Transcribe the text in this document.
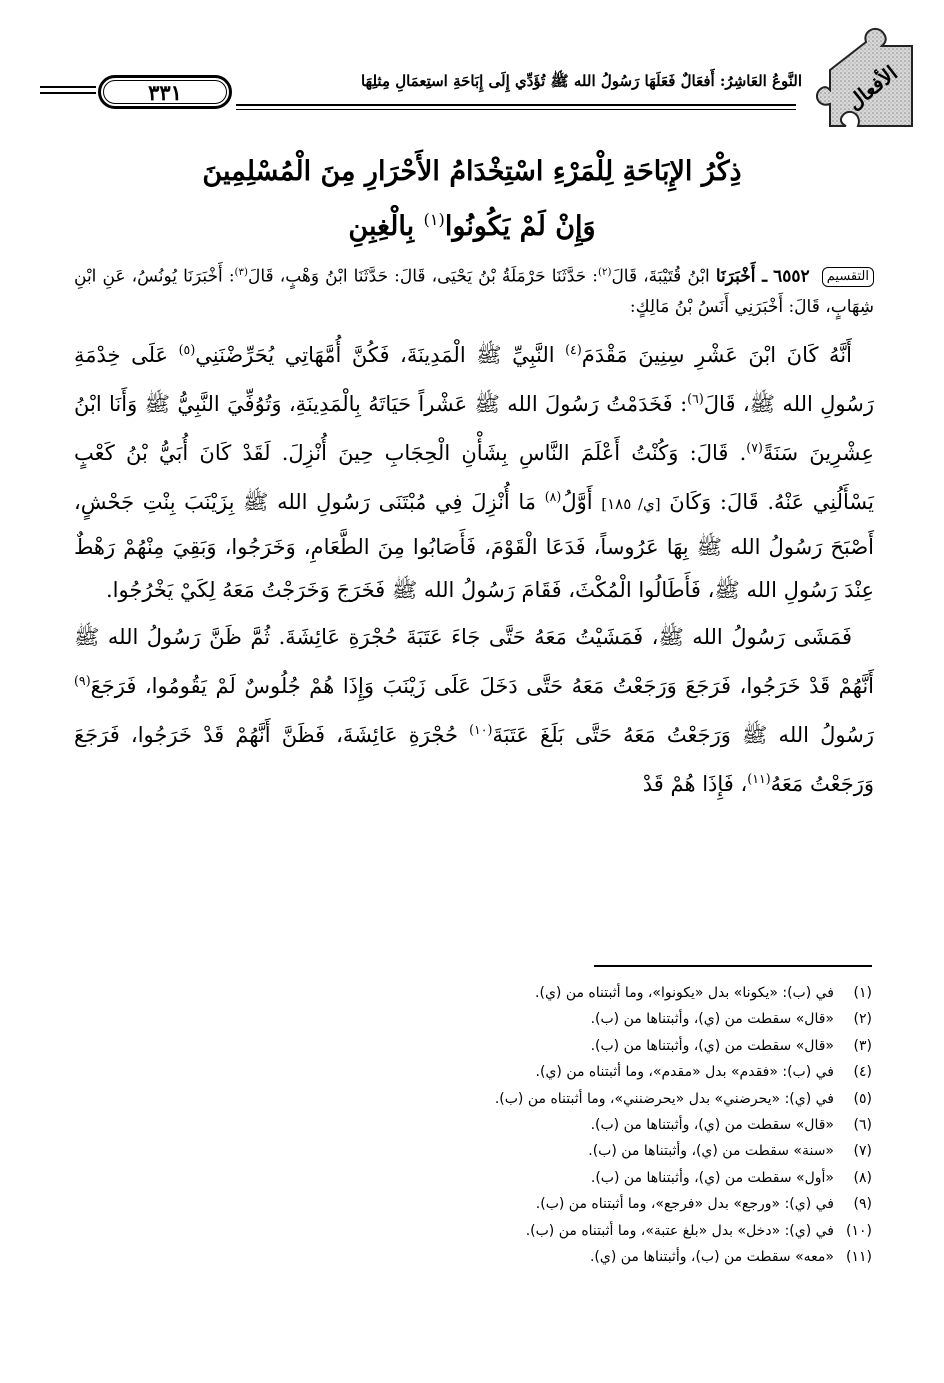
الأفعال
النَّوعُ العَاشِرُ: أَفعَالٌ فَعَلَهَا رَسُولُ الله ﷺ تُؤَدِّي إِلَى إِبَاحَةِ استِعمَالِ مِثلِهَا
٣٣١
ذِكْرُ الإِبَاحَةِ لِلْمَرْءِ اسْتِخْدَامُ الأَحْرَارِ مِنَ الْمُسْلِمِينَ
وَإِنْ لَمْ يَكُونُوا$^{(١)}$ بِالْغِبِنِ

التقسيم ٦٥٥٢ ـ أَخْبَرَنَا ابْنُ قُتَيْبَةَ، قَالَ$^{(٢)}$: حَدَّثَنَا حَرْمَلَةُ بْنُ يَحْيَى، قَالَ: حَدَّثَنَا ابْنُ وَهْبٍ، قَالَ$^{(٣)}$: أَخْبَرَنَا يُونُسُ، عَنِ ابْنِ شِهَابٍ، قَالَ: أَخْبَرَنِي أَنَسُ بْنُ مَالِكٍ:

أَنَّهُ كَانَ ابْنَ عَشْرِ سِنِينَ مَقْدَمَ$^{(٤)}$ النَّبِيِّ ﷺ الْمَدِينَةَ، فَكُنَّ أُمَّهَاتِي يُحَرِّضْنَنِي$^{(٥)}$ عَلَى خِدْمَةِ رَسُولِ الله ﷺ، قَالَ$^{(٦)}$: فَخَدَمْتُ رَسُولَ الله ﷺ عَشْراً حَيَاتَهُ بِالْمَدِينَةِ، وَتُوُفِّيَ النَّبِيُّ ﷺ وَأَنَا ابْنُ عِشْرِينَ سَنَةً$^{(٧)}$. قَالَ: وَكُنْتُ أَعْلَمَ النَّاسِ بِشَأْنِ الْحِجَابِ حِينَ أُنْزِلَ. لَقَدْ كَانَ أُبَيُّ بْنُ كَعْبٍ يَسْأَلُنِي عَنْهُ. قَالَ: وَكَانَ [ي/ ١٨٥] أَوَّلُ$^{(٨)}$ مَا أُنْزِلَ فِي مُبْتَنَى رَسُولِ الله ﷺ بِزَيْنَبَ بِنْتِ جَحْشٍ، أَصْبَحَ رَسُولُ الله ﷺ بِهَا عَرُوساً، فَدَعَا الْقَوْمَ، فَأَصَابُوا مِنَ الطَّعَامِ، وَخَرَجُوا، وَبَقِيَ مِنْهُمْ رَهْطٌ عِنْدَ رَسُولِ الله ﷺ، فَأَطَالُوا الْمُكْثَ، فَقَامَ رَسُولُ الله ﷺ فَخَرَجَ وَخَرَجْتُ مَعَهُ لِكَيْ يَخْرُجُوا.

فَمَشَى رَسُولُ الله ﷺ، فَمَشَيْتُ مَعَهُ حَتَّى جَاءَ عَتَبَةَ حُجْرَةِ عَائِشَةَ. ثُمَّ ظَنَّ رَسُولُ الله ﷺ أَنَّهُمْ قَدْ خَرَجُوا، فَرَجَعَ وَرَجَعْتُ مَعَهُ حَتَّى دَخَلَ عَلَى زَيْنَبَ وَإِذَا هُمْ جُلُوسٌ لَمْ يَقُومُوا، فَرَجَعَ$^{(٩)}$ رَسُولُ الله ﷺ وَرَجَعْتُ مَعَهُ حَتَّى بَلَغَ عَتَبَةَ$^{(١٠)}$ حُجْرَةِ عَائِشَةَ، فَظَنَّ أَنَّهُمْ قَدْ خَرَجُوا، فَرَجَعَ وَرَجَعْتُ مَعَهُ$^{(١١)}$، فَإِذَا هُمْ قَدْ

(١)في (ب): «يكونا» بدل «يكونوا»، وما أثبتناه من (ي).
(٢)«قال» سقطت من (ي)، وأثبتناها من (ب).
(٣)«قال» سقطت من (ي)، وأثبتناها من (ب).
(٤)في (ب): «فقدم» بدل «مقدم»، وما أثبتناه من (ي).
(٥)في (ي): «يحرضني» بدل «يحرضنني»، وما أثبتناه من (ب).
(٦)«قال» سقطت من (ي)، وأثبتناها من (ب).
(٧)«سنة» سقطت من (ي)، وأثبتناها من (ب).
(٨)«أول» سقطت من (ي)، وأثبتناها من (ب).
(٩)في (ي): «ورجع» بدل «فرجع»، وما أثبتناه من (ب).
(١٠)في (ي): «دخل» بدل «بلغ عتبة»، وما أثبتناه من (ب).
(١١)«معه» سقطت من (ب)، وأثبتناها من (ي).
